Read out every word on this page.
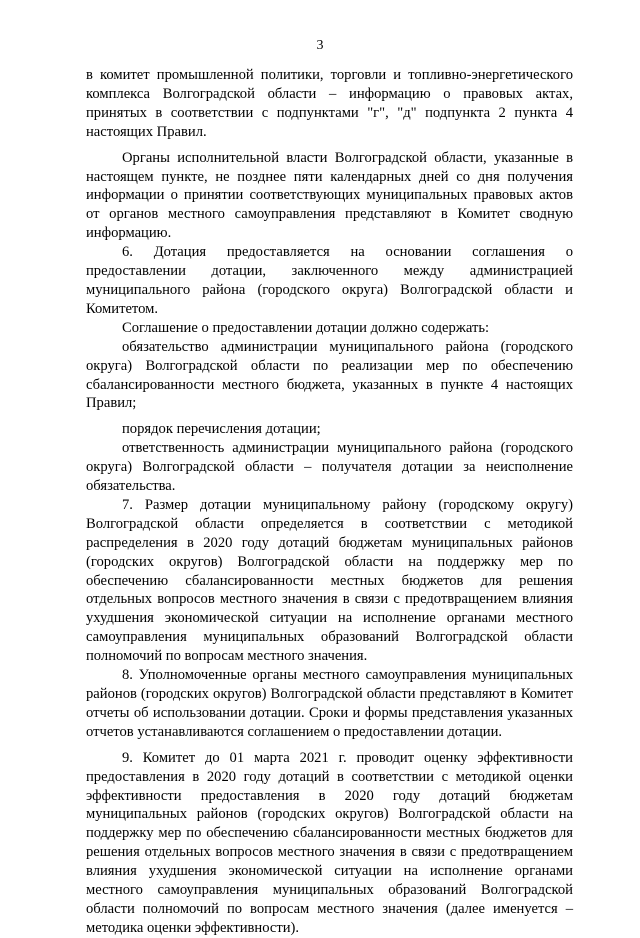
3

в комитет промышленной политики, торговли и топливно-энергетического комплекса Волгоградской области – информацию о правовых актах, принятых в соответствии с подпунктами "г", "д" подпункта 2 пункта 4 настоящих Правил.

Органы исполнительной власти Волгоградской области, указанные в настоящем пункте, не позднее пяти календарных дней со дня получения информации о принятии соответствующих муниципальных правовых актов от органов местного самоуправления представляют в Комитет сводную информацию.

6. Дотация предоставляется на основании соглашения о предоставлении дотации, заключенного между администрацией муниципального района (городского округа) Волгоградской области и Комитетом.

Соглашение о предоставлении дотации должно содержать:

обязательство администрации муниципального района (городского округа) Волгоградской области по реализации мер по обеспечению сбалансированности местного бюджета, указанных в пункте 4 настоящих Правил;

порядок перечисления дотации;

ответственность администрации муниципального района (городского округа) Волгоградской области – получателя дотации за неисполнение обязательства.

7. Размер дотации муниципальному району (городскому округу) Волгоградской области определяется в соответствии с методикой распределения в 2020 году дотаций бюджетам муниципальных районов (городских округов) Волгоградской области на поддержку мер по обеспечению сбалансированности местных бюджетов для решения отдельных вопросов местного значения в связи с предотвращением влияния ухудшения экономической ситуации на исполнение органами местного самоуправления муниципальных образований Волгоградской области полномочий по вопросам местного значения.

8. Уполномоченные органы местного самоуправления муниципальных районов (городских округов) Волгоградской области представляют в Комитет отчеты об использовании дотации. Сроки и формы представления указанных отчетов устанавливаются соглашением о предоставлении дотации.

9. Комитет до 01 марта 2021 г. проводит оценку эффективности предоставления в 2020 году дотаций в соответствии с методикой оценки эффективности предоставления в 2020 году дотаций бюджетам муниципальных районов (городских округов) Волгоградской области на поддержку мер по обеспечению сбалансированности местных бюджетов для решения отдельных вопросов местного значения в связи с предотвращением влияния ухудшения экономической ситуации на исполнение органами местного самоуправления муниципальных образований Волгоградской области полномочий по вопросам местного значения (далее именуется – методика оценки эффективности).
